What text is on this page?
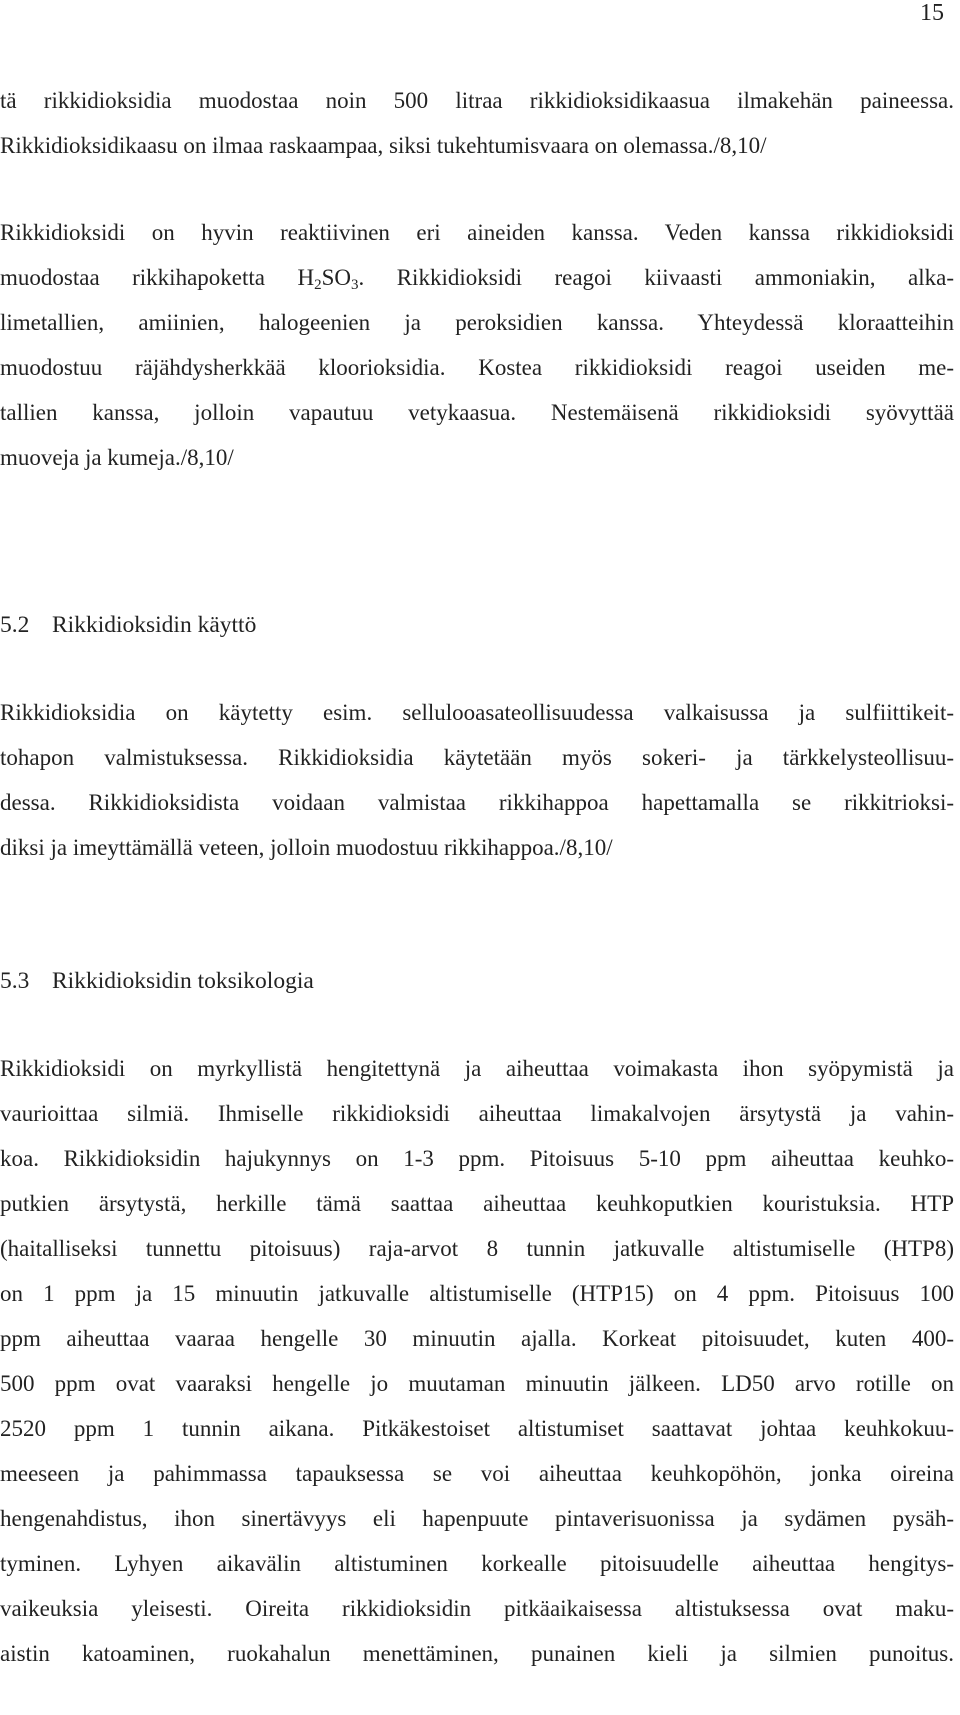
15
tä rikkidioksidia muodostaa noin 500 litraa rikkidioksidikaasua ilmakehän paineessa.
Rikkidioksidikaasu on ilmaa raskaampaa, siksi tukehtumisvaara on olemassa./8,10/
Rikkidioksidi on hyvin reaktiivinen eri aineiden kanssa. Veden kanssa rikkidioksidi
muodostaa rikkihapoketta $H_2SO_3$. Rikkidioksidi reagoi kiivaasti ammoniakin, alka-
limetallien, amiinien, halogeenien ja peroksidien kanssa. Yhteydessä kloraatteihin
muodostuu räjähdysherkkää kloorioksidia. Kostea rikkidioksidi reagoi useiden me-
tallien kanssa, jolloin vapautuu vetykaasua. Nestemäisenä rikkidioksidi syövyttää
muoveja ja kumeja./8,10/
5.2 Rikkidioksidin käyttö
Rikkidioksidia on käytetty esim. sellulooasateollisuudessa valkaisussa ja sulfiittikeit-
tohapon valmistuksessa. Rikkidioksidia käytetään myös sokeri- ja tärkkelysteollisuu-
dessa. Rikkidioksidista voidaan valmistaa rikkihappoa hapettamalla se rikkitrioksi-
diksi ja imeyttämällä veteen, jolloin muodostuu rikkihappoa./8,10/
5.3 Rikkidioksidin toksikologia
Rikkidioksidi on myrkyllistä hengitettynä ja aiheuttaa voimakasta ihon syöpymistä ja
vaurioittaa silmiä. Ihmiselle rikkidioksidi aiheuttaa limakalvojen ärsytystä ja vahin-
koa. Rikkidioksidin hajukynnys on 1-3 ppm. Pitoisuus 5-10 ppm aiheuttaa keuhko-
putkien ärsytystä, herkille tämä saattaa aiheuttaa keuhkoputkien kouristuksia. HTP
(haitalliseksi tunnettu pitoisuus) raja-arvot 8 tunnin jatkuvalle altistumiselle (HTP8)
on 1 ppm ja 15 minuutin jatkuvalle altistumiselle (HTP15) on 4 ppm. Pitoisuus 100
ppm aiheuttaa vaaraa hengelle 30 minuutin ajalla. Korkeat pitoisuudet, kuten 400-
500 ppm ovat vaaraksi hengelle jo muutaman minuutin jälkeen. LD50 arvo rotille on
2520 ppm 1 tunnin aikana. Pitkäkestoiset altistumiset saattavat johtaa keuhkokuu-
meeseen ja pahimmassa tapauksessa se voi aiheuttaa keuhkopöhön, jonka oireina
hengenahdistus, ihon sinertävyys eli hapenpuute pintaverisuonissa ja sydämen pysäh-
tyminen. Lyhyen aikavälin altistuminen korkealle pitoisuudelle aiheuttaa hengitys-
vaikeuksia yleisesti. Oireita rikkidioksidin pitkäaikaisessa altistuksessa ovat maku-
aistin katoaminen, ruokahalun menettäminen, punainen kieli ja silmien punoitus.
